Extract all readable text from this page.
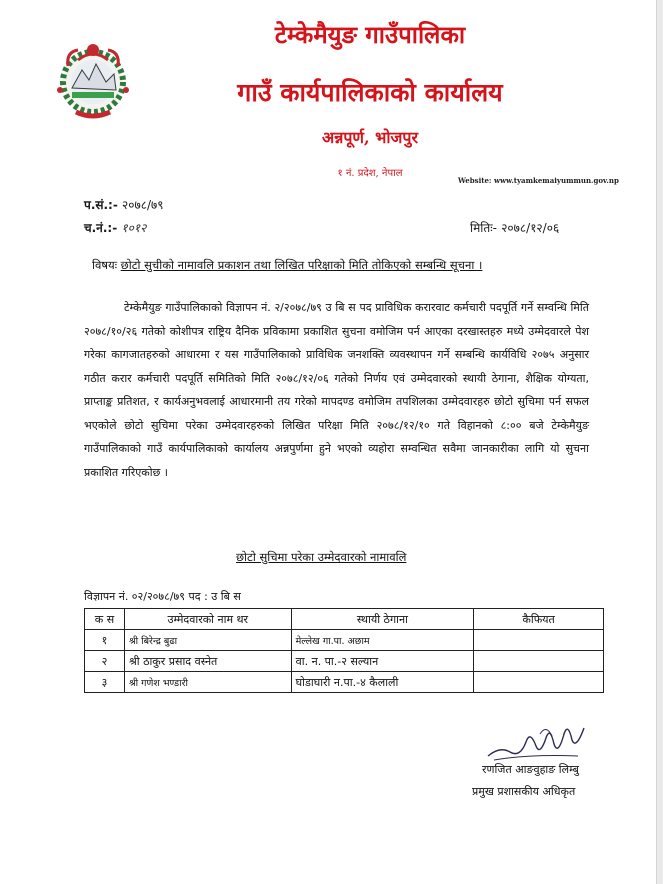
टेम्केमैयुङ गाउँपालिका
गाउँ कार्यपालिकाको कार्यालय
अन्नपूर्ण, भोजपुर
१ नं. प्रदेश, नेपाल
Website: www.tyamkemaiyummun.gov.np
प.सं.:- २०७८/७९
च.नं.:- १०१२	मितिः- २०७८/१२/०६
विषयः छोटो सुचीको नामावलि प्रकाशन तथा लिखित परिक्षाको मिति तोकिएको सम्बन्धि सूचना ।

टेम्केमैयुङ गाउँपालिकाको विज्ञापन नं. २/२०७८/७९ उ बि स पद प्राविधिक करारवाट कर्मचारी पदपूर्ति गर्ने सम्वन्धि मिति २०७८/१०/२६ गतेको कोशीपत्र राष्ट्रिय दैनिक प्रविकामा प्रकाशित सुचना वमोजिम पर्न आएका दरखास्तहरु मध्ये उम्मेदवारले पेश गरेका कागजातहरुको आधारमा र यस गाउँपालिकाको प्राविधिक जनशक्ति व्यवस्थापन गर्ने सम्बन्धि कार्यविधि २०७५ अनुसार गठीत करार कर्मचारी पदपूर्ति समितिको मिति २०७८/१२/०६ गतेको निर्णय एवं उम्मेदवारको स्थायी ठेगाना, शैक्षिक योग्यता, प्राप्ताङ्क प्रतिशत, र कार्यअनुभवलाई आधारमानी तय गरेको मापदण्ड वमोजिम तपशिलका उम्मेदवारहरु छोटो सुचिमा पर्न सफल भएकोले छोटो सुचिमा परेका उम्मेदवारहरुको लिखित परिक्षा मिति २०७८/१२/१० गते विहानको ८:०० बजे टेम्केमैयुङ गाउँपालिकाको गाउँ कार्यपालिकाको कार्यालय अन्नपुर्णमा हुने भएको व्यहोरा सम्वन्धित सवैमा जानकारीका लागि यो सुचना प्रकाशित गरिएकोछ ।

छोटो सुचिमा परेका उम्मेदवारको नामावलि
विज्ञापन नं. ०२/२०७८/७९ पद : उ बि स
क स	उम्मेदवारको नाम थर	स्थायी ठेगाना	कैफियत
१	श्री बिरेन्द्र बुढा	मेल्लेख गा.पा. अछाम	
२	श्री ठाकुर प्रसाद वस्नेत	वा. न. पा.-२ सल्यान	
३	श्री गणेश भण्डारी	घोडाघारी न.पा.-४ कैलाली	
रणजित आङवुहाङ लिम्बु
प्रमुख प्रशासकीय अधिकृत
